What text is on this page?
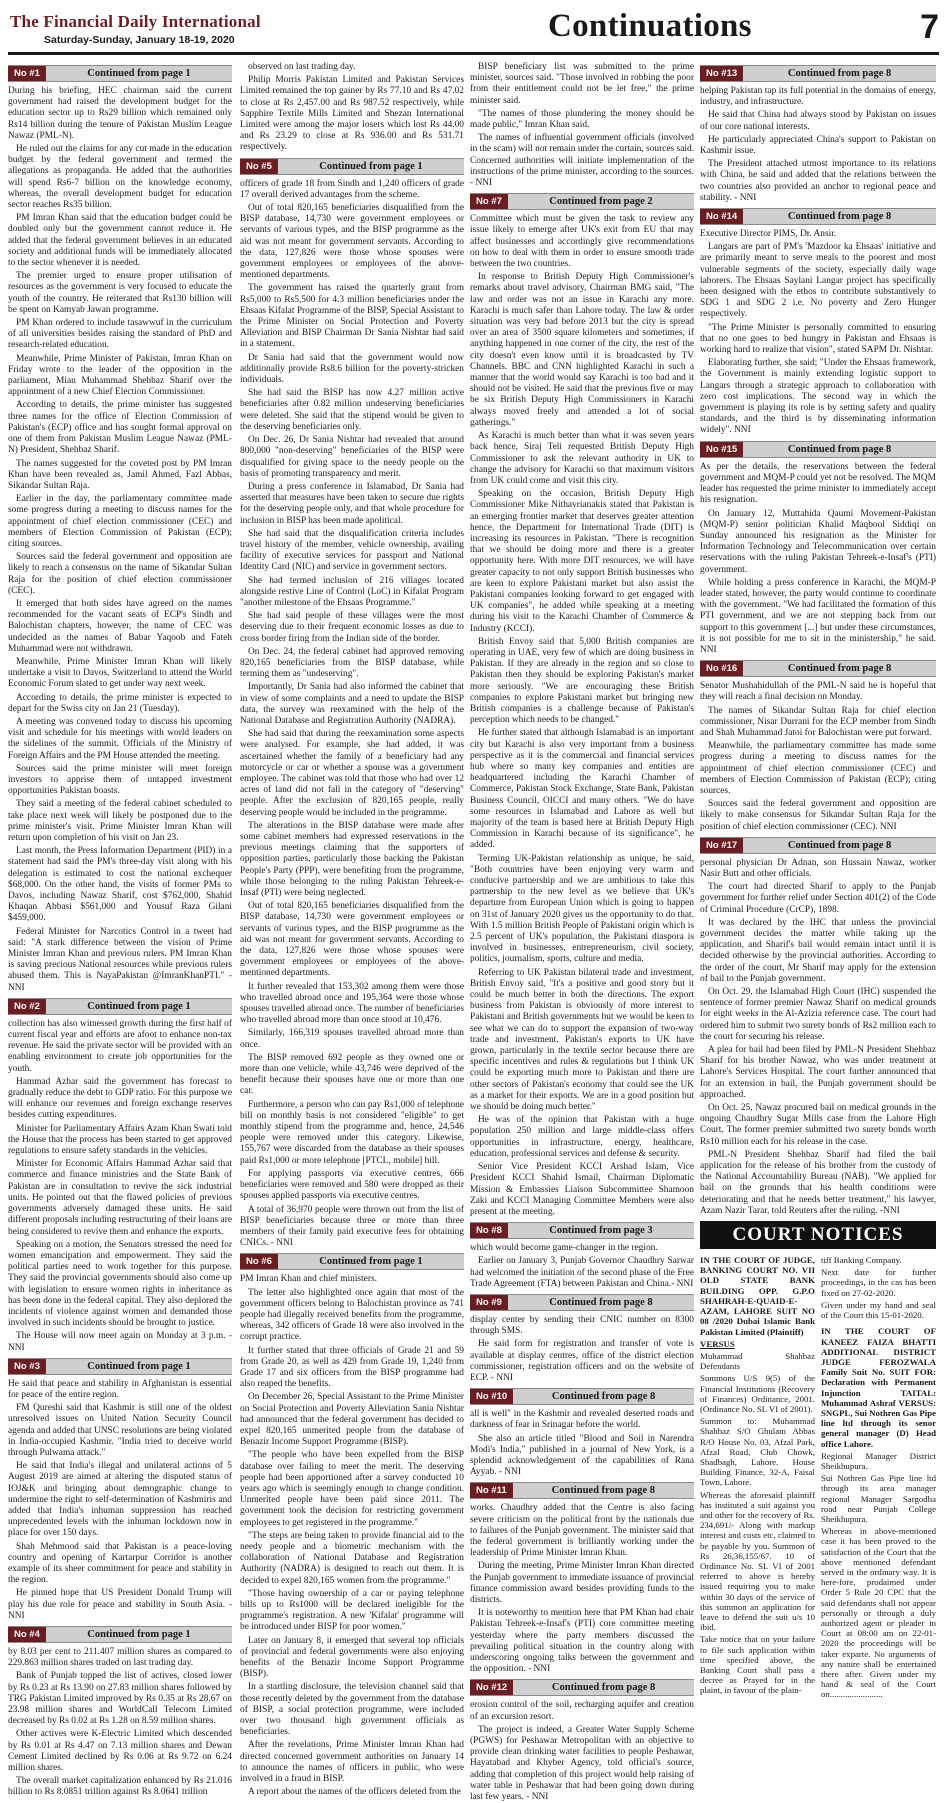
The Financial Daily International
Saturday-Sunday, January 18-19, 2020	Continuations	7
No #1	Continued from page 1

During his briefing, HEC chairman said the current government had raised the development budget for the education sector up to Rs29 billion which remained only Rs14 billion during the tenure of Pakistan Muslim League Nawaz (PML-N).

He ruled out the claims for any cut made in the education budget by the federal government and termed the allegations as propaganda. He added that the authorities will spend Rs6-7 billion on the knowledge economy, whereas, the overall development budget for education sector reaches Rs35 billion.

PM Imran Khan said that the education budget could be doubled only but the government cannot reduce it. He added that the federal government believes in an educated society and additional funds will be immediately allocated to the sector whenever it is needed.

The premier urged to ensure proper utilisation of resources as the government is very focused to educate the youth of the country. He reiterated that Rs130 billion will be spent on Kamyab Jawan programme.

PM Khan ordered to include tasawwuf in the curriculum of all universities besides raising the standard of PhD and research-related education.

Meanwhile, Prime Minister of Pakistan, Imran Khan on Friday wrote to the leader of the opposition in the parliament, Mian Muhammad Shehbaz Sharif over the appointment of a new Chief Election Commissioner.

According to details, the prime minister has suggested three names for the office of Election Commission of Pakistan's (ECP) office and has sought formal approval on one of them from Pakistan Muslim League Nawaz (PML-N) President, Shehbaz Sharif.

The names suggested for the coveted post by PM Imran Khan have been revealed as, Jamil Ahmed, Fazl Abbas, Sikandar Sultan Raja.

Earlier in the day, the parliamentary committee made some progress during a meeting to discuss names for the appointment of chief election commissioner (CEC) and members of Election Commission of Pakistan (ECP); citing sources.

Sources said the federal government and opposition are likely to reach a consensus on the name of Sikandar Sultan Raja for the position of chief election commissioner (CEC).

It emerged that both sides have agreed on the names recommended for the vacant seats of ECP's Sindh and Balochistan chapters, however, the name of CEC was undecided as the names of Babar Yaqoob and Fateh Muhammad were not withdrawn.

Meanwhile, Prime Minister Imran Khan will likely undertake a visit to Davos, Switzerland to attend the World Economic Forum slated to get under way next week.

According to details, the prime minister is expected to depart for the Swiss city on Jan 21 (Tuesday).

A meeting was convened today to discuss his upcoming visit and schedule for his meetings with world leaders on the sidelines of the summit. Officials of the Ministry of Foreign Affairs and the PM House attended the meeting.

Sources said the prime minister will meet foreign investors to apprise them of untapped investment opportunities Pakistan boasts.

They said a meeting of the federal cabinet scheduled to take place next week will likely be postponed due to the prime minister's visit. Prime Minister Imran Khan will return upon completion of his visit on Jan 23.

Last month, the Press Information Department (PID) in a statement had said the PM's three-day visit along with his delegation is estimated to cost the national exchequer $68,000. On the other hand, the visits of former PMs to Davos, including Nawaz Sharif, cost $762,000, Shahid Khaqan Abbasi $561,000 and Yousuf Raza Gilani $459,000.

Federal Minister for Narcotics Control in a tweet had said: "A stark difference between the vision of Prime Minister Imran Khan and previous rulers. PM Imran Khan is saving precious National resources while previous rulers abused them. This is NayaPakistan @ImranKhanPTI." - NNI

No #2	Continued from page 1

collection has also witnessed growth during the first half of current fiscal year and efforts are afoot to enhance non-tax revenue. He said the private sector will be provided with an enabling environment to create job opportunities for the youth.

Hammad Azhar said the government has forecast to gradually reduce the debt to GDP ratio. For this purpose we will enhance our revenues and foreign exchange reserves besides cutting expenditures.

Minister for Parliamentary Affairs Azam Khan Swati told the House that the process has been started to get approved regulations to ensure safety standards in the vehicles.

Minister for Economic Affairs Hammad Azhar said that commerce and finance ministries and the State Bank of Pakistan are in consultation to revive the sick industrial units. He pointed out that the flawed policies of previous governments adversely damaged these units. He said different proposals including restructuring of their loans are being considered to revive them and enhance the exports.

Speaking on a motion, the Senators stressed the need for women emancipation and empowerment. They said the political parties need to work together for this purpose. They said the provincial governments should also come up with legislation to ensure women rights in inheritance as has been done in the federal capital. They also deplored the incidents of violence against women and demanded those involved in such incidents should be brought to justice.

The House will now meet again on Monday at 3 p.m. - NNI

No #3	Continued from page 1

He said that peace and stability in Afghanistan is essential for peace of the entire region.

FM Qureshi said that Kashmir is still one of the oldest unresolved issues on United Nation Security Council agenda and added that UNSC resolutions are being violated in India-occupied Kashmir. "India tried to deceive world through Pulwama attack."

He said that India's illegal and unilateral actions of 5 August 2019 are aimed at altering the disputed status of IOJ&K and bringing about demographic change to undermine the right to self-determination of Kashmiris and added that India's inhuman suppression has reached unprecedented levels with the inhuman lockdown now in place for over 150 days.

Shah Mehmood said that Pakistan is a peace-loving country and opening of Kartarpur Corridor is another example of its sheer commitment for peace and stability in the region.

He pinned hope that US President Donald Trump will play his due role for peace and stability in South Asia. - NNI

No #4	Continued from page 1

by 8.03 per cent to 211.407 million shares as compared to 229.863 million shares traded on last trading day.

Bank of Punjab topped the list of actives, closed lower by Rs 0.23 at Rs 13.90 on 27.83 million shares followed by TRG Pakistan Limited improved by Rs 0.35 at Rs 28.67 on 23.98 million shares and WorldCall Telecom Limited decreased by Rs 0.02 at Rs 1.28 on 8.59 million shares.

Other actives were K-Electric Limited which descended by Rs 0.01 at Rs 4.47 on 7.13 million shares and Dewan Cement Limited declined by Rs 0.06 at Rs 9.72 on 6.24 million shares.

The overall market capitalization enhanced by Rs 21.016 billion to Rs 8.0851 trillion against Rs 8.0641 trillion

observed on last trading day.

Philip Morris Pakistan Limited and Pakistan Services Limited remained the top gainer by Rs 77.10 and Rs 47.02 to close at Rs 2,457.00 and Rs 987.52 respectively, while Sapphire Textile Mills Limited and Shezan International Limited were among the major losers which lost Rs 44.00 and Rs 23.29 to close at Rs 936.00 and Rs 531.71 respectively.

No #5	Continued from page 1

officers of grade 18 from Sindh and 1,240 officers of grade 17 overall derived advantages from the scheme.

Out of total 820,165 beneficiaries disqualified from the BISP database, 14,730 were government employees or servants of various types, and the BISP programme as the aid was not meant for government servants. According to the data, 127,826 were those whose spouses were government employees or employees of the above-mentioned departments.

The government has raised the quarterly grant from Rs5,000 to Rs5,500 for 4.3 million beneficiaries under the Ehsaas Kifalat Programme of the BISP, Special Assistant to the Prime Minister on Social Protection and Poverty Alleviation and BISP Chairman Dr Sania Nishtar had said in a statement.

Dr Sania had said that the government would now additionally provide Rs8.6 billion for the poverty-stricken individuals.

She had said the BISP has now 4.27 million active beneficiaries after 0.82 million undeserving beneficiaries were deleted. She said that the stipend would be given to the deserving beneficiaries only.

On Dec. 26, Dr Sania Nishtar had revealed that around 800,000 "non-deserving" beneficiaries of the BISP were disqualified for giving space to the needy people on the basis of promoting transparency and merit.

During a press conference in Islamabad, Dr Sania had asserted that measures have been taken to secure due rights for the deserving people only, and that whole procedure for inclusion in BISP has been made apolitical.

She had said that the disqualification criteria includes travel history of the member, vehicle ownership, availing facility of executive services for passport and National Identity Card (NIC) and service in government sectors.

She had termed inclusion of 216 villages located alongside restive Line of Control (LoC) in Kifalat Program "another milestone of the Ehsaas Programme."

She had said people of these villages were the most deserving due to their frequent economic losses as due to cross border firing from the Indian side of the border.

On Dec. 24, the federal cabinet had approved removing 820,165 beneficiaries from the BISP database, while terming them as "undeserving".

Importantly, Dr Sania had also informed the cabinet that in view of some complaints and a need to update the BISP data, the survey was reexamined with the help of the National Database and Registration Authority (NADRA).

She had said that during the reexamination some aspects were analysed. For example, she had added, it was ascertained whether the family of a beneficiary had any motorcycle or car or whether a spouse was a government employee. The cabinet was told that those who had over 12 acres of land did not fall in the category of "deserving" people. After the exclusion of 820,165 people, really deserving people would be included in the programme.

The alterations in the BISP database were made after some cabinet members had expressed reservations in the previous meetings claiming that the supporters of opposition parties, particularly those backing the Pakistan People's Party (PPP), were benefiting from the programme, while those belonging to the ruling Pakistan Tehreek-e-Insaf (PTI) were being neglected.

Out of total 820,165 beneficiaries disqualified from the BISP database, 14,730 were government employees or servants of various types, and the BISP programme as the aid was not meant for government servants. According to the data, 127,826 were those whose spouses were government employees or employees of the above-mentioned departments.

It further revealed that 153,302 among them were those who travelled abroad once and 195,364 were those whose spouses travelled abroad once. The number of beneficiaries who travelled abroad more than once stood at 10,476.

Similarly, 166,319 spouses travelled abroad more than once.

The BISP removed 692 people as they owned one or more than one vehicle, while 43,746 were deprived of the benefit because their spouses have one or more than one car.

Furthermore, a person who can pay Rs1,000 of telephone bill on monthly basis is not considered "eligible" to get monthly stipend from the programme and, hence, 24,546 people were removed under this category. Likewise, 155,767 were discarded from the database as their spouses paid Rs1,000 or more telephone [PTCL, mobile] bill.

For applying passports via executive centres, 666 beneficiaries were removed and 580 were dropped as their spouses applied passports via executive centres.

A total of 36,970 people were thrown out from the list of BISP beneficiaries because three or more than three members of their family paid executive fees for obtaining CNICs. - NNI

No #6	Continued from page 1

PM Imran Khan and chief ministers.

The letter also highlighted once again that most of the government officers belong to Balochistan province as 741 people had illegally received benefits from the programme, whereas, 342 officers of Grade 18 were also involved in the corrupt practice.

It further stated that three officials of Grade 21 and 59 from Grade 20, as well as 429 from Grade 19, 1,240 from Grade 17 and six officers from the BISP programme had also reaped the benefits.

On December 26, Special Assistant to the Prime Minister on Social Protection and Poverty Alleviation Sania Nishtar had announced that the federal government has decided to expel 820,165 unmerited people from the database of Benazir Income Support Programme (BISP).

"The people who have been expelled from the BISP database over failing to meet the merit. The deserving people had been apportioned after a survey conducted 10 years ago which is seemingly enough to change condition. Unmerited people have been paid since 2011. The government took the decision for restricting government employees to get registered in the programme."

"The steps are being taken to provide financial aid to the needy people and a biometric mechanism with the collaboration of National Database and Registration Authority (NADRA) is designed to reach out them. It is decided to expel 820,165 women from the programme."

"Those having ownership of a car or paying telephone bills up to Rs1000 will be declared ineligible for the programme's registration. A new 'Kifalat' programme will be introduced under BISP for poor women."

Later on January 8, it emerged that several top officials of provincial and federal governments were also enjoying benefits of the Benazir Income Support Programme (BISP).

In a startling disclosure, the television channel said that those recently deleted by the government from the database of BISP, a social protection programme, were included over two thousand high government officials as beneficiaries.

After the revelations, Prime Minister Imran Khan had directed concerned government authorities on January 14 to announce the names of officers in public, who were involved in a fraud in BISP.

A report about the names of the officers deleted from the

BISP beneficiary list was submitted to the prime minister, sources said. "Those involved in robbing the poor from their entitlement could not be let free," the prime minister said.

"The names of those plundering the money should be made public," Imran Khan said.

The names of influential government officials (involved in the scam) will not remain under the curtain, sources said. Concerned authorities will initiate implementation of the instructions of the prime minister, according to the sources. - NNI

No #7	Continued from page 2

Committee which must be given the task to review any issue likely to emerge after UK's exit from EU that may affect businesses and accordingly give recommendations on how to deal with them in order to ensure smooth trade between the two countries.

In response to British Deputy High Commissioner's remarks about travel advisory, Chairman BMG said, "The law and order was not an issue in Karachi any more. Karachi is much safer than Lahore today. The law & order situation was very bad before 2013 but the city is spread over an area of 3500 square kilometers and sometimes, if anything happened in one corner of the city, the rest of the city doesn't even know until it is broadcasted by TV Channels. BBC and CNN highlighted Karachi in such a manner that the world would say Karachi is too bad and it should not be visited. He said that the previous five or may be six British Deputy High Commissioners in Karachi always moved freely and attended a lot of social gatherings."

As Karachi is much better than what it was seven years back hence, Siraj Teli requested British Deputy High Commissioner to ask the relevant authority in UK to change the advisory for Karachi so that maximum visitors from UK could come and visit this city.

Speaking on the occasion, British Deputy High Commissioner Mike Nithavrianakis stated that Pakistan is an emerging frontier market that deserves greater attention hence, the Department for International Trade (DIT) is increasing its resources in Pakistan. "There is recognition that we should be doing more and there is a greater opportunity here. With more DIT resources, we will have greater capacity to not only support British businesses who are keen to explore Pakistani market but also assist the Pakistani companies looking forward to get engaged with UK companies", he added while speaking at a meeting during his visit to the Karachi Chamber of Commerce & Industry (KCCI).

British Envoy said that 5,000 British companies are operating in UAE, very few of which are doing business in Pakistan. If they are already in the region and so close to Pakistan then they should be exploring Pakistan's market more seriously. "We are encouraging these British companies to explore Pakistani market but bringing new British companies is a challenge because of Pakistan's perception which needs to be changed."

He further stated that although Islamabad is an important city but Karachi is also very important from a business perspective as it is the commercial and financial services hub where so many key companies and entities are headquartered including the Karachi Chamber of Commerce, Pakistan Stock Exchange, State Bank, Pakistan Business Council, OICCI and many others. "We do have some resources in Islamabad and Lahore as well but majority of the team is based here at British Deputy High Commission in Karachi because of its significance", he added.

Terming UK-Pakistan relationship as unique, he said, "Both countries have been enjoying very warm and conducive partnership and we are ambitious to take this partnership to the new level as we believe that UK's departure from European Union which is going to happen on 31st of January 2020 gives us the opportunity to do that. With 1.5 million British People of Pakistani origin which is 2.5 percent of UK's population, the Pakistani diaspora is involved in businesses, entrepreneurism, civil society, politics, journalism, sports, culture and media.

Referring to UK Pakistan bilateral trade and investment, British Envoy said, "It's a positive and good story but it could be much better in both the directions. The export business from Pakistan is obviously of more interest to Pakistani and British governments but we would be keen to see what we can do to support the expansion of two-way trade and investment. Pakistan's exports to UK have grown, particularly in the textile sector because there are specific incentives and rules & regulations but I think UK could be exporting much more to Pakistan and there are other sectors of Pakistan's economy that could see the UK as a market for their exports. We are in a good position but we should be doing much better."

He was of the opinion that Pakistan with a huge population 250 million and large middle-class offers opportunities in infrastructure, energy, healthcare, education, professional services and defense & security.

Senior Vice President KCCI Arshad Islam, Vice President KCCI Shahid Ismail, Chairman Diplomatic Mission & Embassies Liaison Subcommittee Shamoon Zaki and KCCI Managing Committee Members were also present at the meeting.

No #8	Continued from page 3

which would become game-changer in the region.

Earlier on January 3, Punjab Governor Chaudhry Sarwar had welcomed the initiation of the second phase of the Free Trade Agreement (FTA) between Pakistan and China.- NNI

No #9	Continued from page 8

display center by sending their CNIC number on 8300 through SMS.

He said form for registration and transfer of vote is available at display centres, office of the district election commissioner, registration officers and on the website of ECP. - NNI

No #10	Continued from page 8

all is well" in the Kashmir and revealed deserted roads and darkness of fear in Srinagar before the world.

She also an article titled "Blood and Soil in Narendra Modi's India," published in a journal of New York, is a splendid acknowledgement of the capabilities of Rana Ayyab. - NNI

No #11	Continued from page 8

works. Chaudhry added that the Centre is also facing severe criticism on the political front by the nationals due to failures of the Punjab government. The minister said that the federal government is brilliantly working under the leadership of Prime Minister Imran Khan.

During the meeting, Prime Minister Imran Khan directed the Punjab government to immediate issuance of provincial finance commission award besides providing funds to the districts.

It is noteworthy to mention here that PM Khan had chair Pakistan Tehreek-e-Insaf's (PTI) core committee meeting yesterday where the party members discussed the prevailing political situation in the country along with underscoring ongoing talks between the government and the opposition. - NNI

No #12	Continued from page 8

erosion control of the soil, recharging aquifer and creation of an excursion resort.

The project is indeed, a Greater Water Supply Scheme (PGWS) for Peshawar Metropolitan with an objective to provide clean drinking water facilities to people Peshawar, Hayatabad and Khyber Agency, told official's source, adding that completion of this project would help raising of water table in Peshawar that had been going down during last few years. - NNI

No #13	Continued from page 8

helping Pakistan tap its full potential in the domains of energy, industry, and infrastructure.

He said that China had always stood by Pakistan on issues of our core national interests.

He particularly appreciated China's support to Pakistan on Kashmir issue.

The President attached utmost importance to its relations with China, he said and added that the relations between the two countries also provided an anchor to regional peace and stability. - NNI

No #14	Continued from page 8

Executive Director PIMS, Dr. Ansir.

Langars are part of PM's 'Mazdoor ka Ehsaas' initiative and are primarily meant to serve meals to the poorest and most vulnerable segments of the society, especially daily wage laborers. The Ehsaas Saylani Langar project has specifically been designed with the ethos to contribute substantively to SDG 1 and SDG 2 i.e. No poverty and Zero Hunger respectively.

"The Prime Minister is personally committed to ensuring that no one goes to bed hungry in Pakistan and Ehsaas is working hard to realize that vision", stated SAPM Dr. Nishtar.

Elaborating further, she said; "Under the Ehsaas framework, the Government is mainly extending logistic support to Langars through a strategic approach to collaboration with zero cost implications. The second way in which the government is playing its role is by setting safety and quality standards, and the third is by disseminating information widely". NNI

No #15	Continued from page 8

As per the details, the reservations between the federal government and MQM-P could yet not be resolved. The MQM leader has requested the prime minister to immediately accept his resignation.

On January 12, Muttahida Qaumi Movement-Pakistan (MQM-P) senior politician Khalid Maqbool Siddiqi on Sunday announced his resignation as the Minister for Information Technology and Telecommunication over certain reservations with the ruling Pakistan Tehreek-e-Insaf's (PTI) government.

While holding a press conference in Karachi, the MQM-P leader stated, however, the party would continue to coordinate with the government. "We had facilitated the formation of this PTI government, and we are not stepping back from our support to this government [...] but under these circumstances, it is not possible for me to sit in the ministership," he said. NNI

No #16	Continued from page 8

Senator Mushahidullah of the PML-N said he is hopeful that they will reach a final decision on Monday.

The names of Sikandar Sultan Raja for chief election commissioner, Nisar Durrani for the ECP member from Sindh and Shah Muhammad Jatoi for Balochistan were put forward.

Meanwhile, the parliamentary committee has made some progress during a meeting to discuss names for the appointment of chief election commissioner (CEC) and members of Election Commission of Pakistan (ECP); citing sources.

Sources said the federal government and opposition are likely to make consensus for Sikandar Sultan Raja for the position of chief election commissioner (CEC). NNI

No #17	Continued from page 8

personal physician Dr Adnan, son Hussain Nawaz, worker Nasir Butt and other officials.

The court had directed Sharif to apply to the Punjab government for further relief under Section 401(2) of the Code of Criminal Procedure (CrCP), 1898.

It was declared by the IHC that unless the provincial government decides the matter while taking up the application, and Sharif's bail would remain intact until it is decided otherwise by the provincial authorities. According to the order of the court, Mr Sharif may apply for the extension of bail to the Punjab government.

On Oct. 29, the Islamabad High Court (IHC) suspended the sentence of former premier Nawaz Sharif on medical grounds for eight weeks in the Al-Azizia reference case. The court had ordered him to submit two surety bonds of Rs2 million each to the court for securing his release.

A plea for bail had been filed by PML-N President Shehbaz Sharif for his brother Nawaz, who was under treatment at Lahore's Services Hospital. The court further announced that for an extension in bail, the Punjab government should be approached.

On Oct. 25, Nawaz procured bail on medical grounds in the ongoing Chaudhry Sugar Mills case from the Lahore High Court. The former premier submitted two surety bonds worth Rs10 million each for his release in the case.

PML-N President Shehbaz Sharif had filed the bail application for the release of his brother from the custody of the National Accountability Bureau (NAB). "We applied for bail on the grounds that his health conditions were deteriorating and that he needs better treatment," his lawyer, Azam Nazir Tarar, told Reuters after the ruling. -NNI

COURT NOTICES

IN THE COURT OF JUDGE, BANKING COURT NO. VII OLD STATE BANK BUILDING OPP. G.P.O SHAHRAH-E-QUAID-E-AZAM, LAHORE SUIT NO 08 /2020 Dubai Islamic Bank Pakistan Limited (Plaintiff)

VERSUS

Muhammad Shahbaz Defendants

Summons U/S 9(5) of the Financial Institutions (Recovery of Finances) Ordinance, 2001. (Ordinance No. SL VI of 2001).

Summon to: Muhammad Shahbaz S/O Ghulam Abbas R/O House No. 03, Afzal Park, Afzal Road, Club Chowk, Shadbagh, Lahore. House Building Finance, 32-A, Faisal Town, Lahore.

Whereas the aforesaid plaintiff has instituted a suit against you and other for the recovery of Rs. 234,691/- Along with markup interest and costs etc, claimed to be payable by you. Summon of Rs 26,36,155/67. 10 of Ordinance No. SL VI of 2001 referred to above is hereby issued requiring you to make within 30 days of the service of this summon an application for leave to defend the suit u/s 10 ibid.

Take notice that on your failure to file such application within time specified above, the Banking Court shall pass a decree as Prayed for in the plaint, in favour of the plain-

tiff Banking Company.

Next date for further proceedings, in the cas has been fixed on 27-02-2020.

Given under my hand and seal of the Court this 15-01-2020.

IN THE COURT OF KANEEZ FAIZA BHATTI ADDITIONAL DISTRICT JUDGE FEROZWALA Family Suit No. SUIT FOR: Declaration with Permanent Injunction TAITAL: Muhammad Ashraf VERSUS: SNGPL, Sui Nothren Gas Pipe line ltd through its senor general manager (D) Head office Lahore.

Regional Manager District Sheikhupura.

Sui Nothren Gas Pipe line ltd through its area manager regional Manager Sargodha road near Punjab College Sheikhupura.

Whereas in above-mentioned case it has been proved to the satisfaction of the Court that the above mentioned defendant served in the ordinary way. It is here-fore, prodaimed under Order 5 Rule 20 CPC that the said defendants shall not appear personally or through a duly authorized agent or pleader in Court at 08:00 am on 22-01-2020 the proceedings will be taker exparte. No arguments of any nature shall be entertained there after. Given under my hand & seal of the Court on........................
